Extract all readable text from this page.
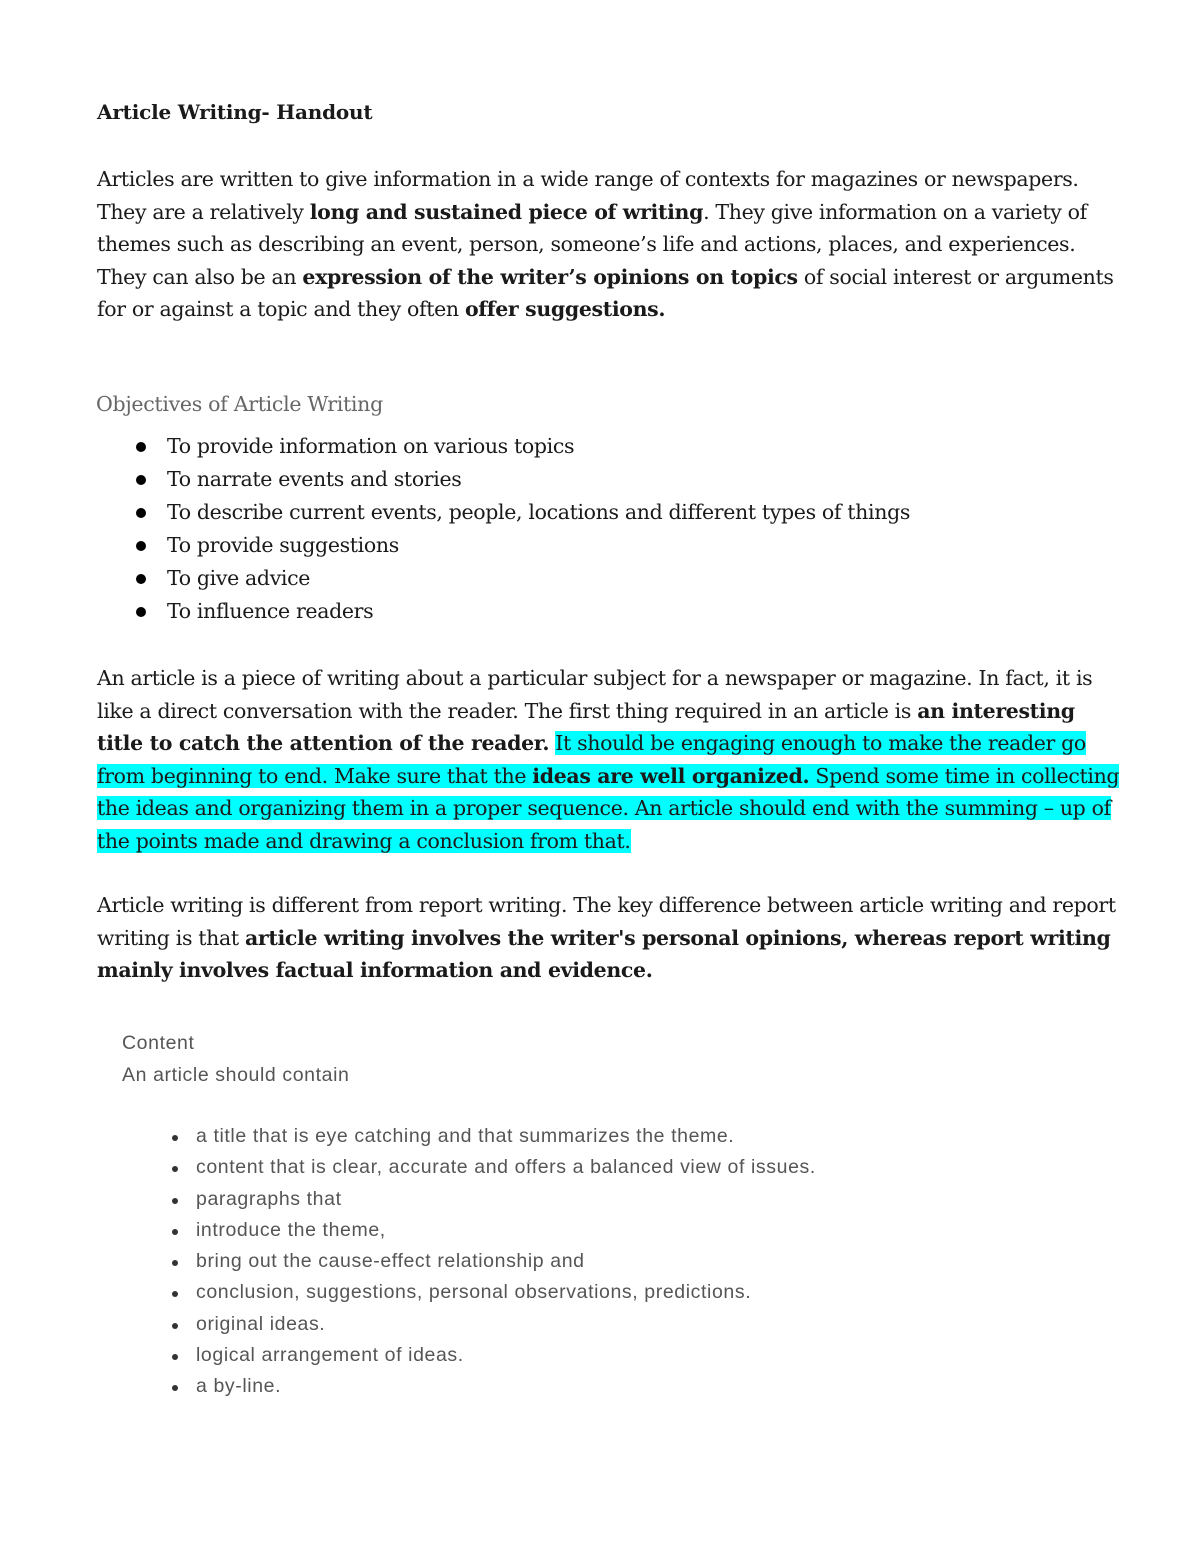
Article Writing- Handout

Articles are written to give information in a wide range of contexts for magazines or newspapers. They are a relatively long and sustained piece of writing. They give information on a variety of themes such as describing an event, person, someone’s life and actions, places, and experiences. They can also be an expression of the writer’s opinions on topics of social interest or arguments for or against a topic and they often offer suggestions.

Objectives of Article Writing
To provide information on various topics
To narrate events and stories
To describe current events, people, locations and different types of things
To provide suggestions
To give advice
To influence readers

An article is a piece of writing about a particular subject for a newspaper or magazine. In fact, it is like a direct conversation with the reader. The first thing required in an article is an interesting title to catch the attention of the reader. It should be engaging enough to make the reader go from beginning to end. Make sure that the ideas are well organized. Spend some time in collecting the ideas and organizing them in a proper sequence. An article should end with the summing – up of the points made and drawing a conclusion from that.

Article writing is different from report writing. The key difference between article writing and report writing is that article writing involves the writer's personal opinions, whereas report writing mainly involves factual information and evidence.

Content
An article should contain
a title that is eye catching and that summarizes the theme.
content that is clear, accurate and offers a balanced view of issues.
paragraphs that
introduce the theme,
bring out the cause-effect relationship and
conclusion, suggestions, personal observations, predictions.
original ideas.
logical arrangement of ideas.
a by-line.
